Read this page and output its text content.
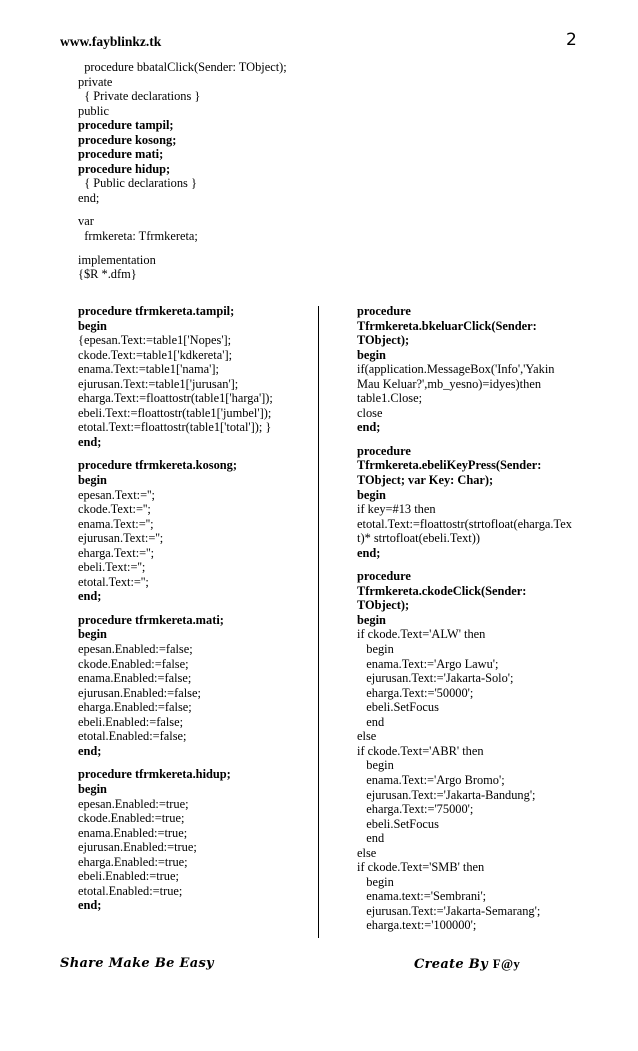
www.fayblinkz.tk	2
procedure bbatalClick(Sender: TObject);
private
{ Private declarations }
public
procedure tampil;
procedure kosong;
procedure mati;
procedure hidup;
{ Public declarations }
end;
var
frmkereta: Tfrmkereta;
implementation
{$R *.dfm}
procedure tfrmkereta.tampil;
begin
{epesan.Text:=table1['Nopes'];
ckode.Text:=table1['kdkereta'];
enama.Text:=table1['nama'];
ejurusan.Text:=table1['jurusan'];
eharga.Text:=floattostr(table1['harga']);
ebeli.Text:=floattostr(table1['jumbel']);
etotal.Text:=floattostr(table1['total']); }
end;
procedure tfrmkereta.kosong;
begin
epesan.Text:='';
ckode.Text:='';
enama.Text:='';
ejurusan.Text:='';
eharga.Text:='';
ebeli.Text:='';
etotal.Text:='';
end;
procedure tfrmkereta.mati;
begin
epesan.Enabled:=false;
ckode.Enabled:=false;
enama.Enabled:=false;
ejurusan.Enabled:=false;
eharga.Enabled:=false;
ebeli.Enabled:=false;
etotal.Enabled:=false;
end;
procedure tfrmkereta.hidup;
begin
epesan.Enabled:=true;
ckode.Enabled:=true;
enama.Enabled:=true;
ejurusan.Enabled:=true;
eharga.Enabled:=true;
ebeli.Enabled:=true;
etotal.Enabled:=true;
end;
procedure
Tfrmkereta.bkeluarClick(Sender:
TObject);
begin
if(application.MessageBox('Info','Yakin
Mau Keluar?',mb_yesno)=idyes)then
table1.Close;
close
end;
procedure
Tfrmkereta.ebeliKeyPress(Sender:
TObject; var Key: Char);
begin
if key=#13 then
etotal.Text:=floattostr(strtofloat(eharga.Tex
t)* strtofloat(ebeli.Text))
end;
procedure
Tfrmkereta.ckodeClick(Sender:
TObject);
begin
if ckode.Text='ALW' then
begin
enama.Text:='Argo Lawu';
ejurusan.Text:='Jakarta-Solo';
eharga.Text:='50000';
ebeli.SetFocus
end
else
if ckode.Text='ABR' then
begin
enama.Text:='Argo Bromo';
ejurusan.Text:='Jakarta-Bandung';
eharga.Text:='75000';
ebeli.SetFocus
end
else
if ckode.Text='SMB' then
begin
enama.text:='Sembrani';
ejurusan.Text:='Jakarta-Semarang';
eharga.text:='100000';
Share Make Be Easy	Create By F@y
